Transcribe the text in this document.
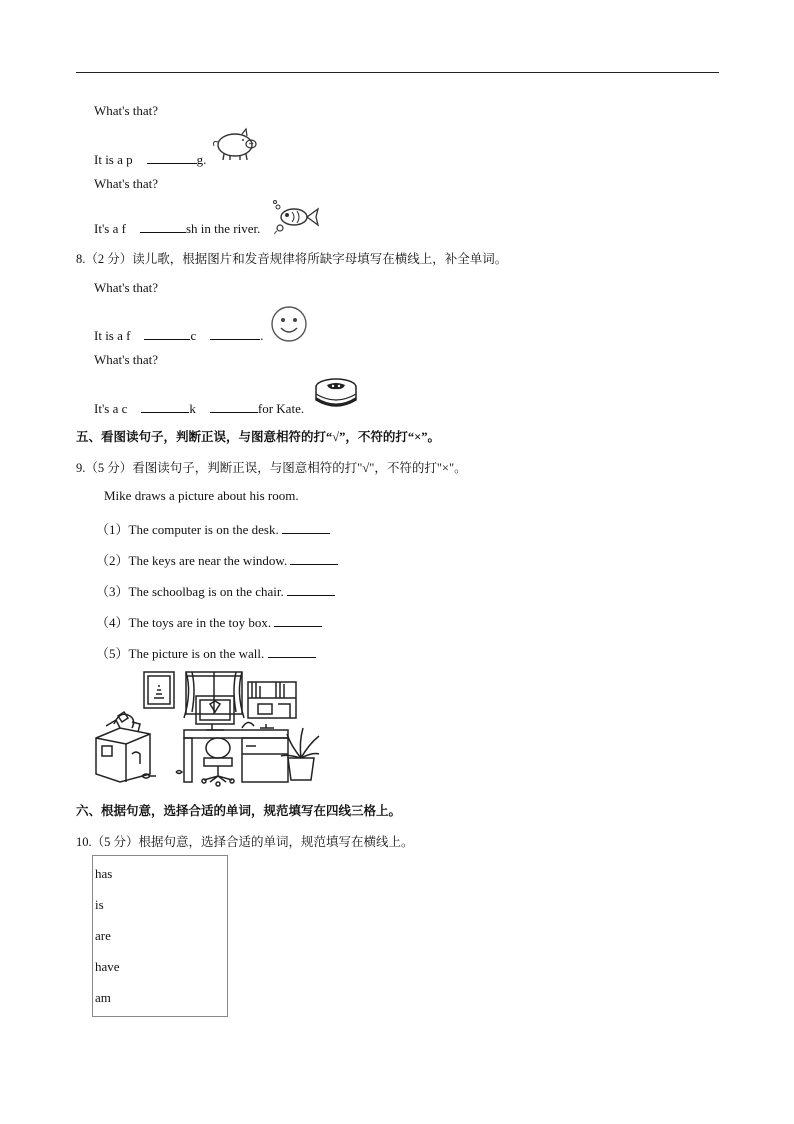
What's that?
It is a p	g.
What's that?
It's a f	sh in the river.
8.（2 分）读儿歌，根据图片和发音规律将所缺字母填写在横线上，补全单词。
What's that?
It is a f	c	.
What's that?
It's a c	k	for Kate.
五、看图读句子，判断正误，与图意相符的打“√”，不符的打“×”。
9.（5 分）看图读句子，判断正误，与图意相符的打"√"，不符的打"×"。
Mike draws a picture about his room.
（1）The computer is on the desk.
（2）The keys are near the window.
（3）The schoolbag is on the chair.
（4）The toys are in the toy box.
（5）The picture is on the wall.
六、根据句意，选择合适的单词，规范填写在四线三格上。
10.（5 分）根据句意，选择合适的单词，规范填写在横线上。
has
is
are
have
am
